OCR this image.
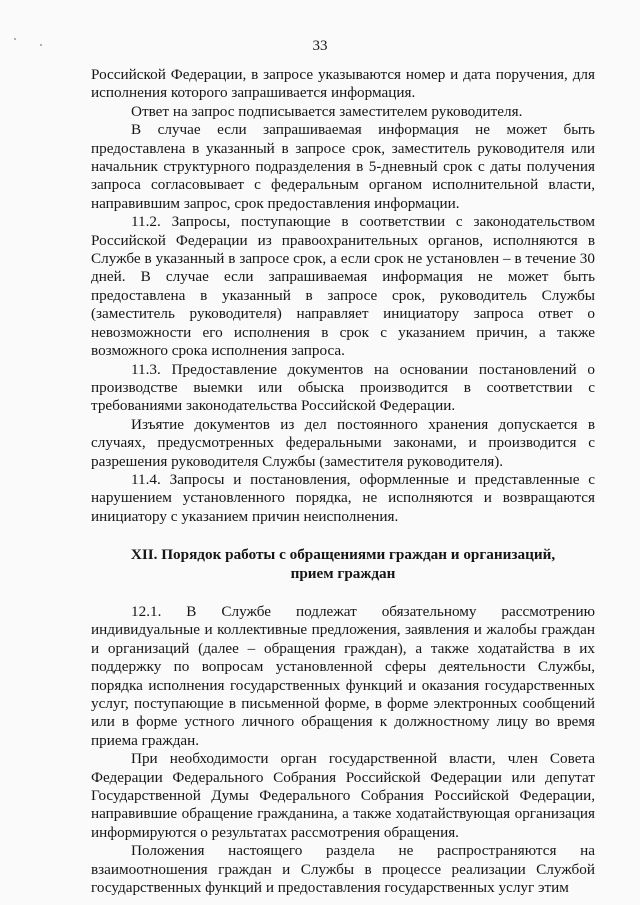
33

Российской Федерации, в запросе указываются номер и дата поручения, для исполнения которого запрашивается информация.

Ответ на запрос подписывается заместителем руководителя.

В случае если запрашиваемая информация не может быть предоставлена в указанный в запросе срок, заместитель руководителя или начальник структурного подразделения в 5-дневный срок с даты получения запроса согласовывает с федеральным органом исполнительной власти, направившим запрос, срок предоставления информации.

11.2. Запросы, поступающие в соответствии с законодательством Российской Федерации из правоохранительных органов, исполняются в Службе в указанный в запросе срок, а если срок не установлен – в течение 30 дней. В случае если запрашиваемая информация не может быть предоставлена в указанный в запросе срок, руководитель Службы (заместитель руководителя) направляет инициатору запроса ответ о невозможности его исполнения в срок с указанием причин, а также возможного срока исполнения запроса.

11.3. Предоставление документов на основании постановлений о производстве выемки или обыска производится в соответствии с требованиями законодательства Российской Федерации.

Изъятие документов из дел постоянного хранения допускается в случаях, предусмотренных федеральными законами, и производится с разрешения руководителя Службы (заместителя руководителя).

11.4. Запросы и постановления, оформленные и представленные с нарушением установленного порядка, не исполняются и возвращаются инициатору с указанием причин неисполнения.

XII. Порядок работы с обращениями граждан и организаций,
прием граждан

12.1. В Службе подлежат обязательному рассмотрению индивидуальные и коллективные предложения, заявления и жалобы граждан и организаций (далее – обращения граждан), а также ходатайства в их поддержку по вопросам установленной сферы деятельности Службы, порядка исполнения государственных функций и оказания государственных услуг, поступающие в письменной форме, в форме электронных сообщений или в форме устного личного обращения к должностному лицу во время приема граждан.

При необходимости орган государственной власти, член Совета Федерации Федерального Собрания Российской Федерации или депутат Государственной Думы Федерального Собрания Российской Федерации, направившие обращение гражданина, а также ходатайствующая организация информируются о результатах рассмотрения обращения.

Положения настоящего раздела не распространяются на взаимоотношения граждан и Службы в процессе реализации Службой государственных функций и предоставления государственных услуг этим
